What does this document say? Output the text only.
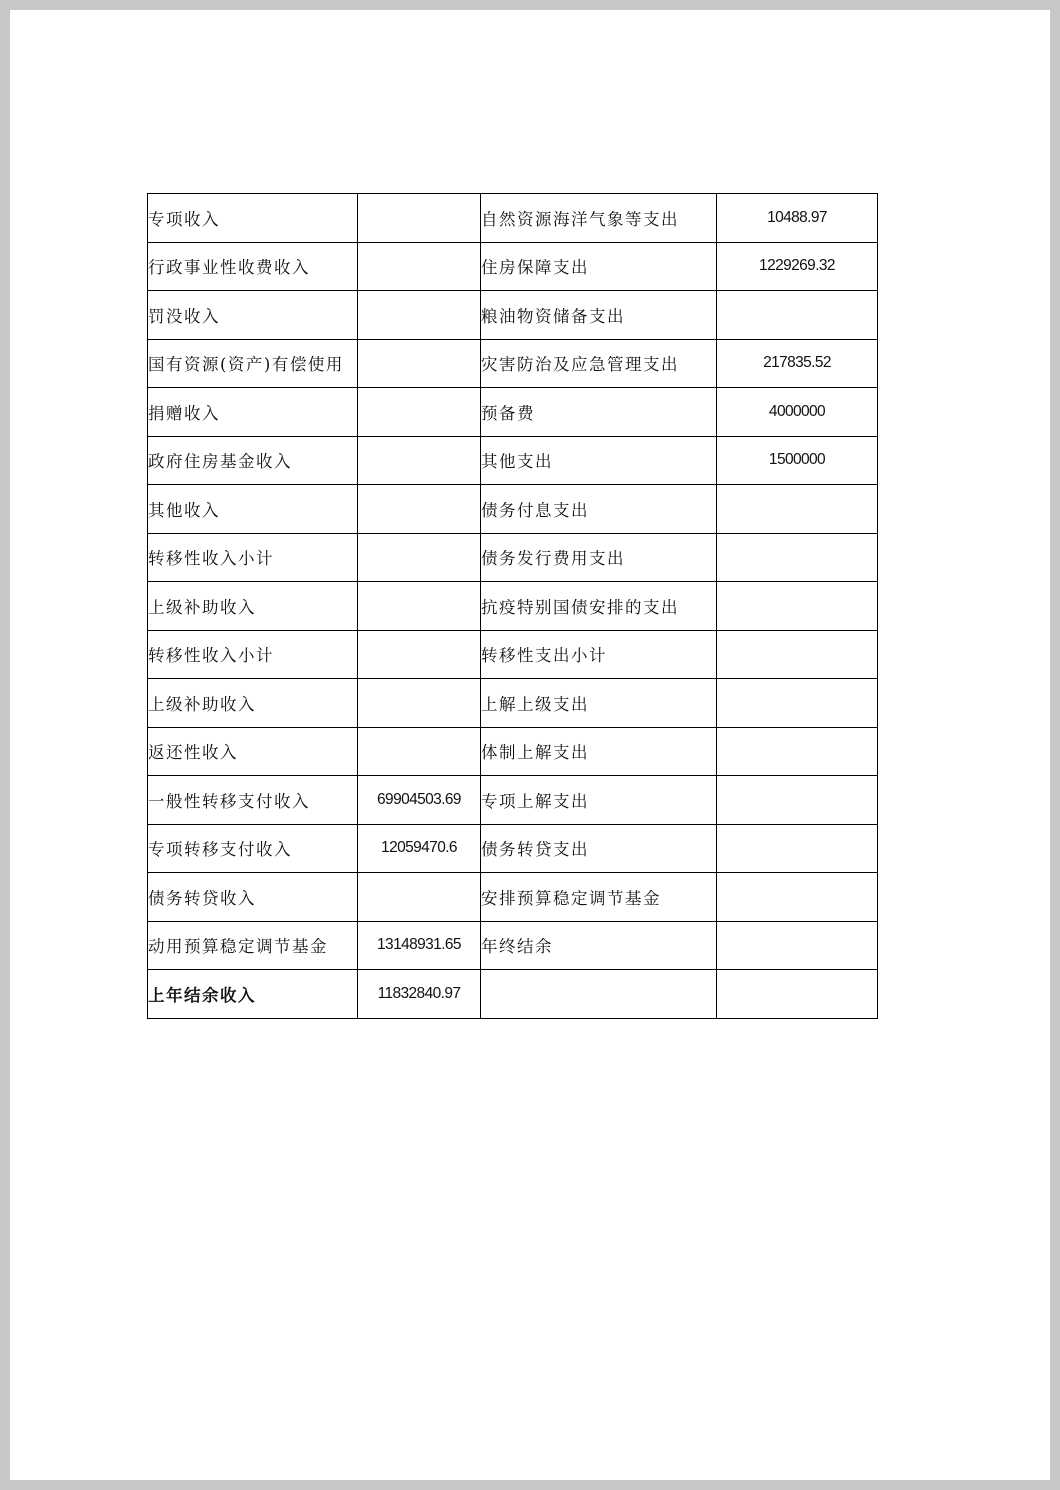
专项收入		自然资源海洋气象等支出	10488.97
行政事业性收费收入		住房保障支出	1229269.32
罚没收入		粮油物资储备支出	
国有资源(资产)有偿使用		灾害防治及应急管理支出	217835.52
捐赠收入		预备费	4000000
政府住房基金收入		其他支出	1500000
其他收入		债务付息支出	
转移性收入小计		债务发行费用支出	
上级补助收入		抗疫特别国债安排的支出	
转移性收入小计		转移性支出小计	
上级补助收入		上解上级支出	
返还性收入		体制上解支出	
一般性转移支付收入	69904503.69	专项上解支出	
专项转移支付收入	12059470.6	债务转贷支出	
债务转贷收入		安排预算稳定调节基金	
动用预算稳定调节基金	13148931.65	年终结余	
上年结余收入	11832840.97		
